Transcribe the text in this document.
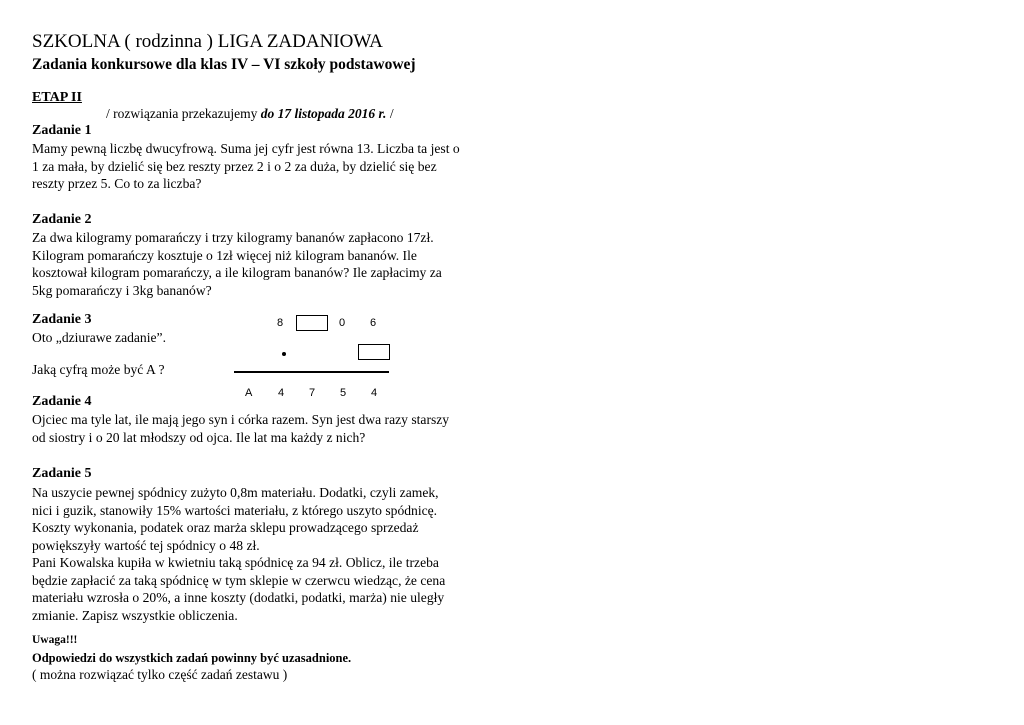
SZKOLNA ( rodzinna ) LIGA ZADANIOWA
Zadania konkursowe dla klas IV – VI szkoły podstawowej
ETAP II
/ rozwiązania przekazujemy do 17 listopada 2016 r. /
Zadanie 1
Mamy pewną liczbę dwucyfrową. Suma jej cyfr jest równa 13. Liczba ta jest o
1 za mała, by dzielić się bez reszty przez 2 i o 2 za duża, by dzielić się bez
reszty przez 5. Co to za liczba?
Zadanie 2
Za dwa kilogramy pomarańczy i trzy kilogramy bananów zapłacono 17zł.
Kilogram pomarańczy kosztuje o 1zł więcej niż kilogram bananów. Ile
kosztował kilogram pomarańczy, a ile kilogram bananów? Ile zapłacimy za
5kg pomarańczy i 3kg bananów?
Zadanie 3
Oto „dziurawe zadanie”.
Jaką cyfrą może być A ?
8	0 6
A 4 7 5 4
Zadanie 4
Ojciec ma tyle lat, ile mają jego syn i córka razem. Syn jest dwa razy starszy
od siostry i o 20 lat młodszy od ojca. Ile lat ma każdy z nich?
Zadanie 5
Na uszycie pewnej spódnicy zużyto 0,8m materiału. Dodatki, czyli zamek,
nici i guzik, stanowiły 15% wartości materiału, z którego uszyto spódnicę.
Koszty wykonania, podatek oraz marża sklepu prowadzącego sprzedaż
powiększyły wartość tej spódnicy o 48 zł.
Pani Kowalska kupiła w kwietniu taką spódnicę za 94 zł. Oblicz, ile trzeba
będzie zapłacić za taką spódnicę w tym sklepie w czerwcu wiedząc, że cena
materiału wzrosła o 20%, a inne koszty (dodatki, podatki, marża) nie uległy
zmianie. Zapisz wszystkie obliczenia.
Uwaga!!!
Odpowiedzi do wszystkich zadań powinny być uzasadnione.
( można rozwiązać tylko część zadań zestawu )
